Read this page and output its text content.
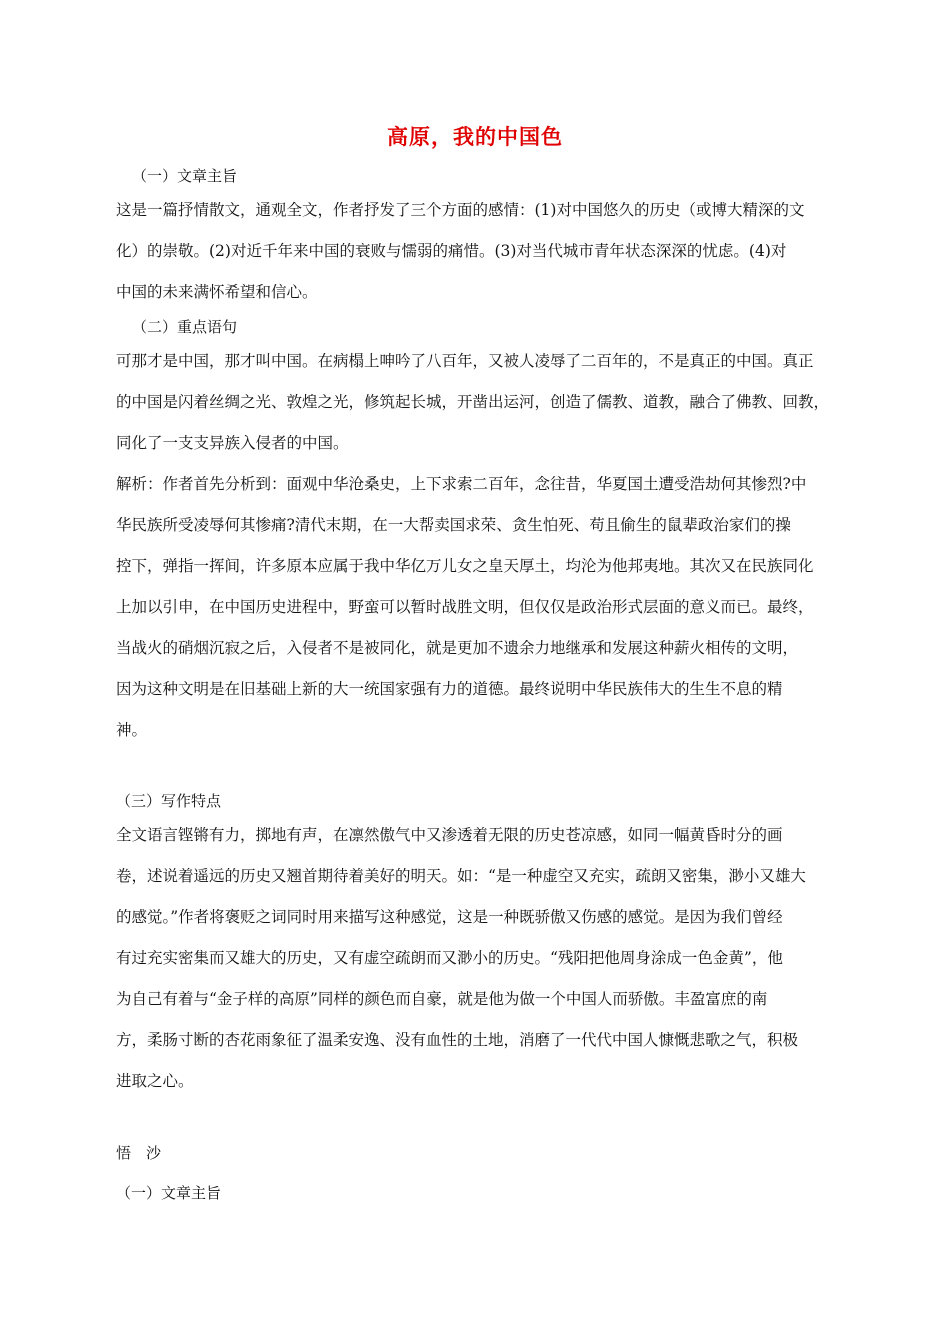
高原，我的中国色
（一）文章主旨
这是一篇抒情散文，通观全文，作者抒发了三个方面的感情：(1)对中国悠久的历史（或博大精深的文
化）的崇敬。(2)对近千年来中国的衰败与懦弱的痛惜。(3)对当代城市青年状态深深的忧虑。(4)对
中国的未来满怀希望和信心。
（二）重点语句
可那才是中国，那才叫中国。在病榻上呻吟了八百年，又被人凌辱了二百年的，不是真正的中国。真正
的中国是闪着丝绸之光、敦煌之光，修筑起长城，开凿出运河，创造了儒教、道教，融合了佛教、回教，
同化了一支支异族入侵者的中国。
解析：作者首先分析到：面观中华沧桑史，上下求索二百年，念往昔，华夏国土遭受浩劫何其惨烈?中
华民族所受凌辱何其惨痛?清代末期，在一大帮卖国求荣、贪生怕死、苟且偷生的鼠辈政治家们的操
控下，弹指一挥间，许多原本应属于我中华亿万儿女之皇天厚土，均沦为他邦夷地。其次又在民族同化
上加以引申，在中国历史进程中，野蛮可以暂时战胜文明，但仅仅是政治形式层面的意义而已。最终，
当战火的硝烟沉寂之后，入侵者不是被同化，就是更加不遗余力地继承和发展这种薪火相传的文明，
因为这种文明是在旧基础上新的大一统国家强有力的道德。最终说明中华民族伟大的生生不息的精
神。
（三）写作特点
全文语言铿锵有力，掷地有声，在凛然傲气中又渗透着无限的历史苍凉感，如同一幅黄昏时分的画
卷，述说着遥远的历史又翘首期待着美好的明天。如：“是一种虚空又充实，疏朗又密集，渺小又雄大
的感觉。”作者将褒贬之词同时用来描写这种感觉，这是一种既骄傲又伤感的感觉。是因为我们曾经
有过充实密集而又雄大的历史，又有虚空疏朗而又渺小的历史。“残阳把他周身涂成一色金黄”，他
为自己有着与“金子样的高原”同样的颜色而自豪，就是他为做一个中国人而骄傲。丰盈富庶的南
方，柔肠寸断的杏花雨象征了温柔安逸、没有血性的土地，消磨了一代代中国人慷慨悲歌之气，积极
进取之心。
悟　沙
（一）文章主旨
